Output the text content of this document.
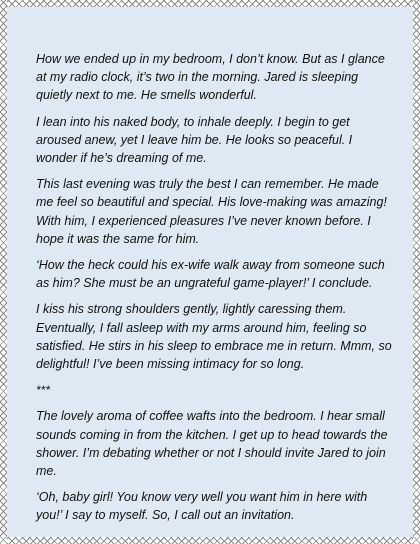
How we ended up in my bedroom, I don’t know. But as I glance at my radio clock, it’s two in the morning. Jared is sleeping quietly next to me. He smells wonderful.

I lean into his naked body, to inhale deeply. I begin to get aroused anew, yet I leave him be. He looks so peaceful. I wonder if he’s dreaming of me.

This last evening was truly the best I can remember. He made me feel so beautiful and special. His love-making was amazing! With him, I experienced pleasures I’ve never known before. I hope it was the same for him.

‘How the heck could his ex-wife walk away from someone such as him? She must be an ungrateful game-player!’ I conclude.

I kiss his strong shoulders gently, lightly caressing them. Eventually, I fall asleep with my arms around him, feeling so satisfied. He stirs in his sleep to embrace me in return. Mmm, so delightful! I’ve been missing intimacy for so long.

***

The lovely aroma of coffee wafts into the bedroom. I hear small sounds coming in from the kitchen. I get up to head towards the shower. I’m debating whether or not I should invite Jared to join me.

‘Oh, baby girl! You know very well you want him in here with you!’ I say to myself. So, I call out an invitation.
